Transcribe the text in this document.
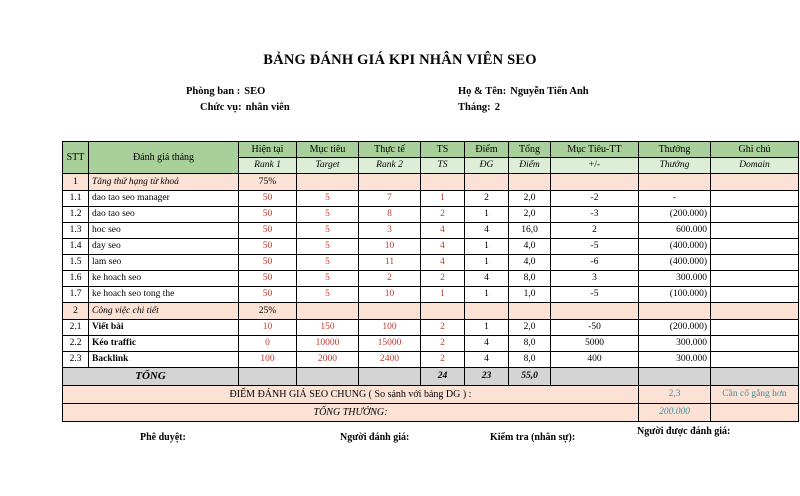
BẢNG ĐÁNH GIÁ KPI NHÂN VIÊN SEO
Phòng ban : SEO
Chức vụ: nhân viên
Họ & Tên: Nguyễn Tiến Anh
Tháng: 2
STT	Đánh giá tháng	Hiện tại	Mục tiêu	Thực tế	TS	Điểm	Tổng	Mục Tiêu-TT	Thưởng	Ghi chú
		Rank 1	Target	Rank 2	TS	ĐG	Điểm	+/-	Thưởng	Domain
1	Tăng thứ hạng từ khoá	75%								
1.1	dao tao seo manager	50	5	7	1	2	2,0	-2	-	
1.2	dao tao seo	50	5	8	2	1	2,0	-3	(200.000)	
1.3	hoc seo	50	5	3	4	4	16,0	2	600.000	
1.4	day seo	50	5	10	4	1	4,0	-5	(400.000)	
1.5	lam seo	50	5	11	4	1	4,0	-6	(400.000)	
1.6	ke hoach seo	50	5	2	2	4	8,0	3	300.000	
1.7	ke hoach seo tong the	50	5	10	1	1	1,0	-5	(100.000)	
2	Công việc chi tiết	25%								
2.1	Viết bài	10	150	100	2	1	2,0	-50	(200.000)	
2.2	Kéo traffic	0	10000	15000	2	4	8,0	5000	300.000	
2.3	Backlink	100	2000	2400	2	4	8,0	400	300.000	
TỔNG					24	23	55,0			
ĐIỂM ĐÁNH GIÁ SEO CHUNG ( So sánh với bảng DG ) :									2,3	Cần cố gắng hơn
TỔNG THƯỞNG:									200.000	
Phê duyệt:	Người đánh giá:	Kiểm tra (nhân sự):
Người được đánh giá:
